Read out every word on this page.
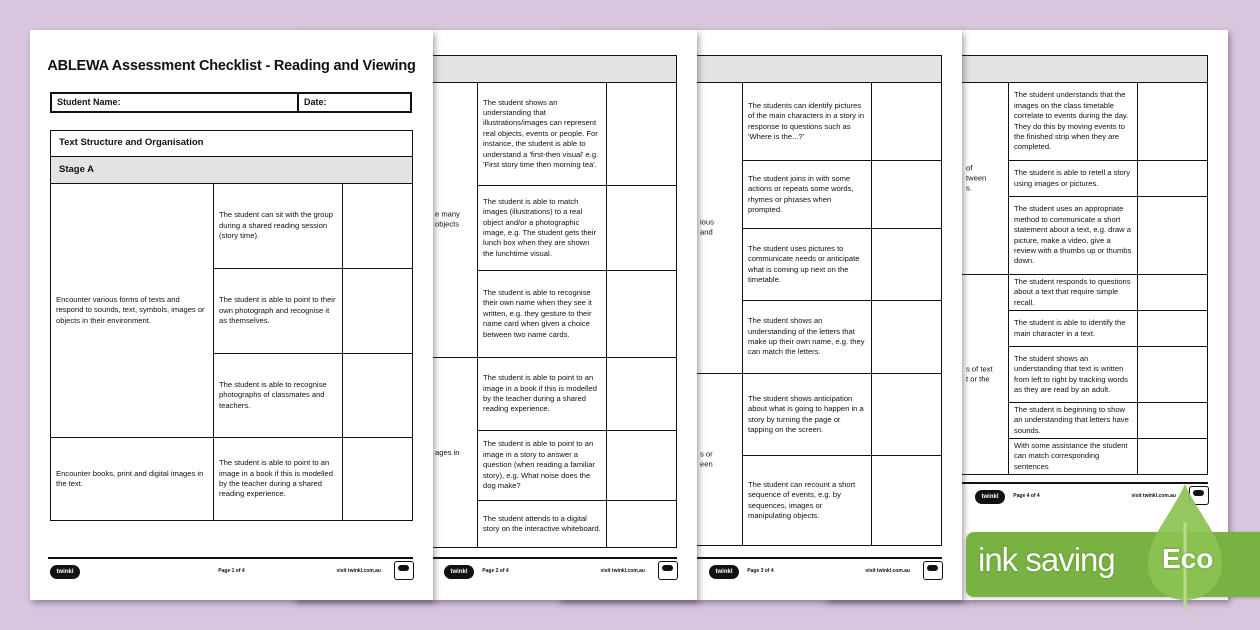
of
tween
s.	The student understands that the images on the class timetable correlate to events during the day. They do this by moving events to the finished strip when they are completed.	
	The student is able to retell a story using images or pictures.	
	The student uses an appropriate method to communicate a short statement about a text, e.g. draw a picture, make a video, give a review with a thumbs up or thumbs down.	

s of text
t or the	The student responds to questions about a text that require simple recall.	
	The student is able to identify the main character in a text.	
	The student shows an understanding that text is written from left to right by tracking words as they are read by an adult.	
	The student is beginning to show an understanding that letters have sounds.	
	With some assistance the student can match corresponding sentences	
twinkl	Page 4 of 4	visit twinkl.com.au

ious
and	The students can identify pictures of the main characters in a story in response to questions such as 'Where is the...?'	
	The student joins in with some actions or repeats some words, rhymes or phrases when prompted.	
	The student uses pictures to communicate needs or anticipate what is coming up next on the timetable.	
	The student shows an understanding of the letters that make up their own name, e.g. they can match the letters.	

s or
een	The student shows anticipation about what is going to happen in a story by turning the page or tapping on the screen.	
	The student can recount a short sequence of events, e.g. by sequences, images or manipulating objects.	
twinkl	Page 3 of 4	visit twinkl.com.au

e many
objects	The student shows an understanding that illustrations/images can represent real objects, events or people. For instance, the student is able to understand a 'first-then visual' e.g. 'First story time then morning tea'.	
	The student is able to match images (illustrations) to a real object and/or a photographic image, e.g. The student gets their lunch box when they are shown the lunchtime visual.	
	The student is able to recognise their own name when they see it written, e.g. they gesture to their name card when given a choice between two name cards.	

ages in	The student is able to point to an image in a book if this is modelled by the teacher during a shared reading experience.	
	The student is able to point to an image in a story to answer a question (when reading a familiar story), e.g. What noise does the dog make?	
	The student attends to a digital story on the interactive whiteboard.	
twinkl	Page 2 of 4	visit twinkl.com.au
ABLEWA Assessment Checklist - Reading and Viewing
Student Name:	Date:
Text Structure and Organisation		
Stage A		
Encounter various forms of texts and respond to sounds, text, symbols, images or objects in their environment.	The student can sit with the group during a shared reading session (story time).	
	The student is able to point to their own photograph and recognise it as themselves.	
	The student is able to recognise photographs of classmates and teachers.	
Encounter books, print and digital images in the text.	The student is able to point to an image in a book if this is modelled by the teacher during a shared reading experience.	
twinkl	Page 1 of 4	visit twinkl.com.au	ink saving Eco
